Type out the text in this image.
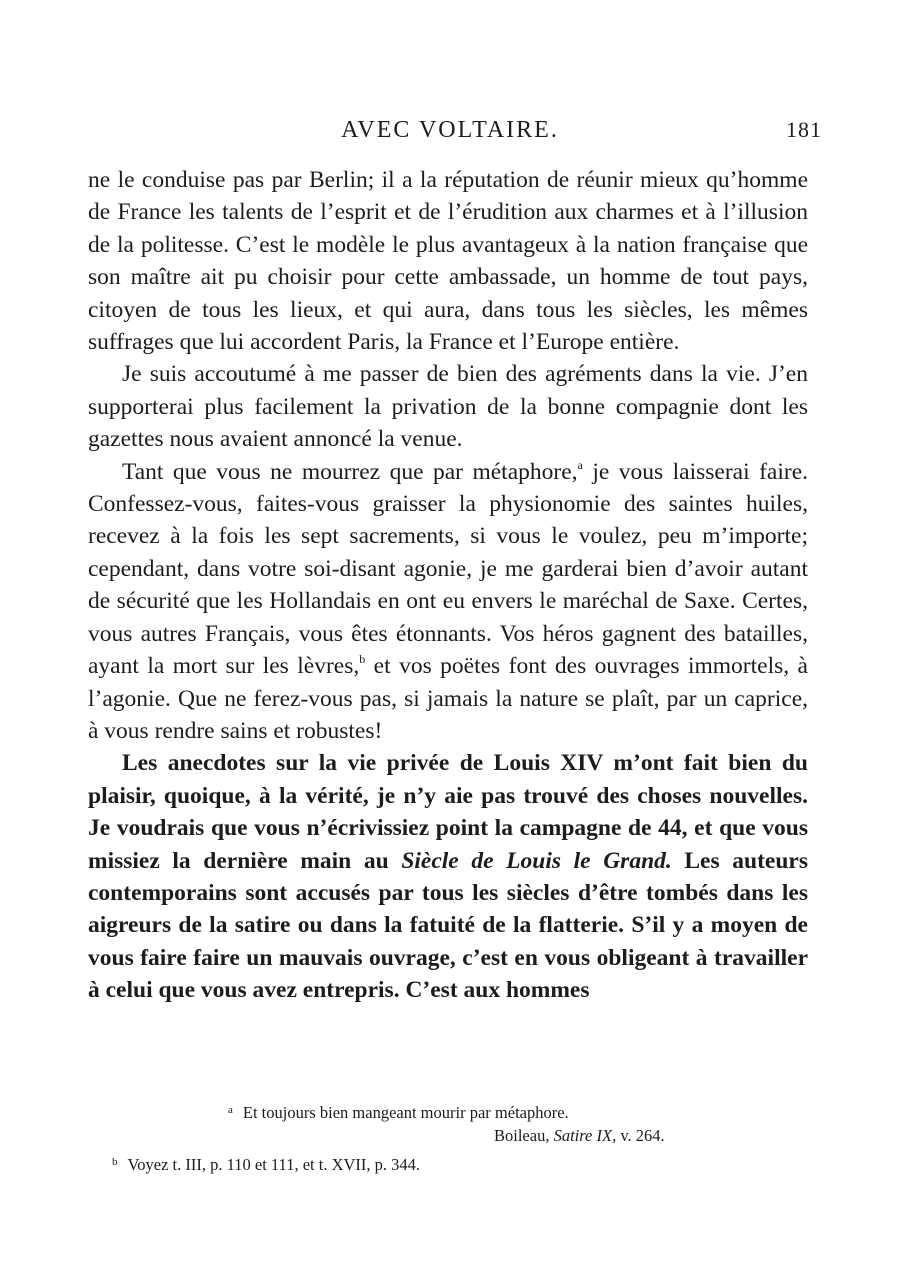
AVEC VOLTAIRE.	181

ne le conduise pas par Berlin; il a la réputation de réunir mieux qu’homme de France les talents de l’esprit et de l’érudition aux charmes et à l’illusion de la politesse. C’est le modèle le plus avantageux à la nation française que son maître ait pu choisir pour cette ambassade, un homme de tout pays, citoyen de tous les lieux, et qui aura, dans tous les siècles, les mêmes suffrages que lui accordent Paris, la France et l’Europe entière.

Je suis accoutumé à me passer de bien des agréments dans la vie. J’en supporterai plus facilement la privation de la bonne compagnie dont les gazettes nous avaient annoncé la venue.

Tant que vous ne mourrez que par métaphore,$^a$ je vous laisserai faire. Confessez-vous, faites-vous graisser la physionomie des saintes huiles, recevez à la fois les sept sacrements, si vous le voulez, peu m’importe; cependant, dans votre soi-disant agonie, je me garderai bien d’avoir autant de sécurité que les Hollandais en ont eu envers le maréchal de Saxe. Certes, vous autres Français, vous êtes étonnants. Vos héros gagnent des batailles, ayant la mort sur les lèvres,$^b$ et vos poëtes font des ouvrages immortels, à l’agonie. Que ne ferez-vous pas, si jamais la nature se plaît, par un caprice, à vous rendre sains et robustes!

Les anecdotes sur la vie privée de Louis XIV m’ont fait bien du plaisir, quoique, à la vérité, je n’y aie pas trouvé des choses nouvelles. Je voudrais que vous n’écrivissiez point la campagne de 44, et que vous missiez la dernière main au Siècle de Louis le Grand. Les auteurs contemporains sont accusés par tous les siècles d’être tombés dans les aigreurs de la satire ou dans la fatuité de la flatterie. S’il y a moyen de vous faire faire un mauvais ouvrage, c’est en vous obligeant à travailler à celui que vous avez entrepris. C’est aux hommes

$^a$ Et toujours bien mangeant mourir par métaphore.
Boileau, Satire IX, v. 264.
$^b$ Voyez t. III, p. 110 et 111, et t. XVII, p. 344.
